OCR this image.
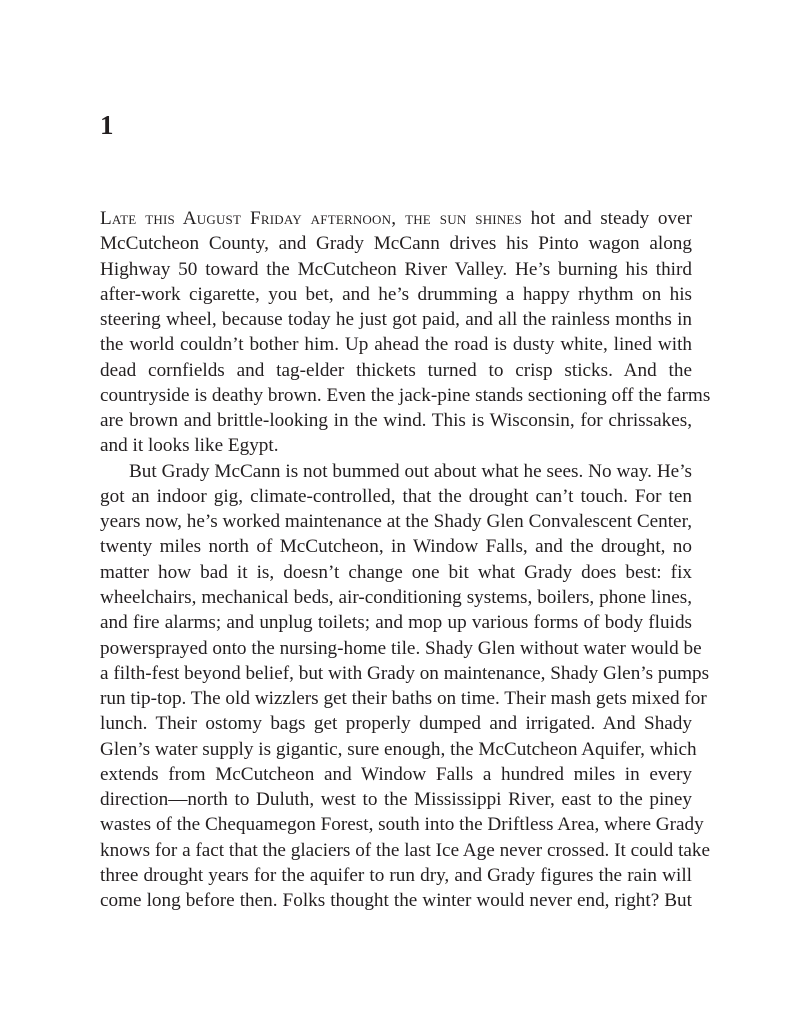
1
Late this August Friday afternoon, the sun shines hot and steady over
McCutcheon County, and Grady McCann drives his Pinto wagon along
Highway 50 toward the McCutcheon River Valley. He’s burning his third
after-work cigarette, you bet, and he’s drumming a happy rhythm on his
steering wheel, because today he just got paid, and all the rainless months in
the world couldn’t bother him. Up ahead the road is dusty white, lined with
dead cornfields and tag-elder thickets turned to crisp sticks. And the
countryside is deathy brown. Even the jack-pine stands sectioning off the farms
are brown and brittle-looking in the wind. This is Wisconsin, for chrissakes,
and it looks like Egypt.
But Grady McCann is not bummed out about what he sees. No way. He’s
got an indoor gig, climate-controlled, that the drought can’t touch. For ten
years now, he’s worked maintenance at the Shady Glen Convalescent Center,
twenty miles north of McCutcheon, in Window Falls, and the drought, no
matter how bad it is, doesn’t change one bit what Grady does best: fix
wheelchairs, mechanical beds, air-conditioning systems, boilers, phone lines,
and fire alarms; and unplug toilets; and mop up various forms of body fluids
powersprayed onto the nursing-home tile. Shady Glen without water would be
a filth-fest beyond belief, but with Grady on maintenance, Shady Glen’s pumps
run tip-top. The old wizzlers get their baths on time. Their mash gets mixed for
lunch. Their ostomy bags get properly dumped and irrigated. And Shady
Glen’s water supply is gigantic, sure enough, the McCutcheon Aquifer, which
extends from McCutcheon and Window Falls a hundred miles in every
direction—north to Duluth, west to the Mississippi River, east to the piney
wastes of the Chequamegon Forest, south into the Driftless Area, where Grady
knows for a fact that the glaciers of the last Ice Age never crossed. It could take
three drought years for the aquifer to run dry, and Grady figures the rain will
come long before then. Folks thought the winter would never end, right? But
